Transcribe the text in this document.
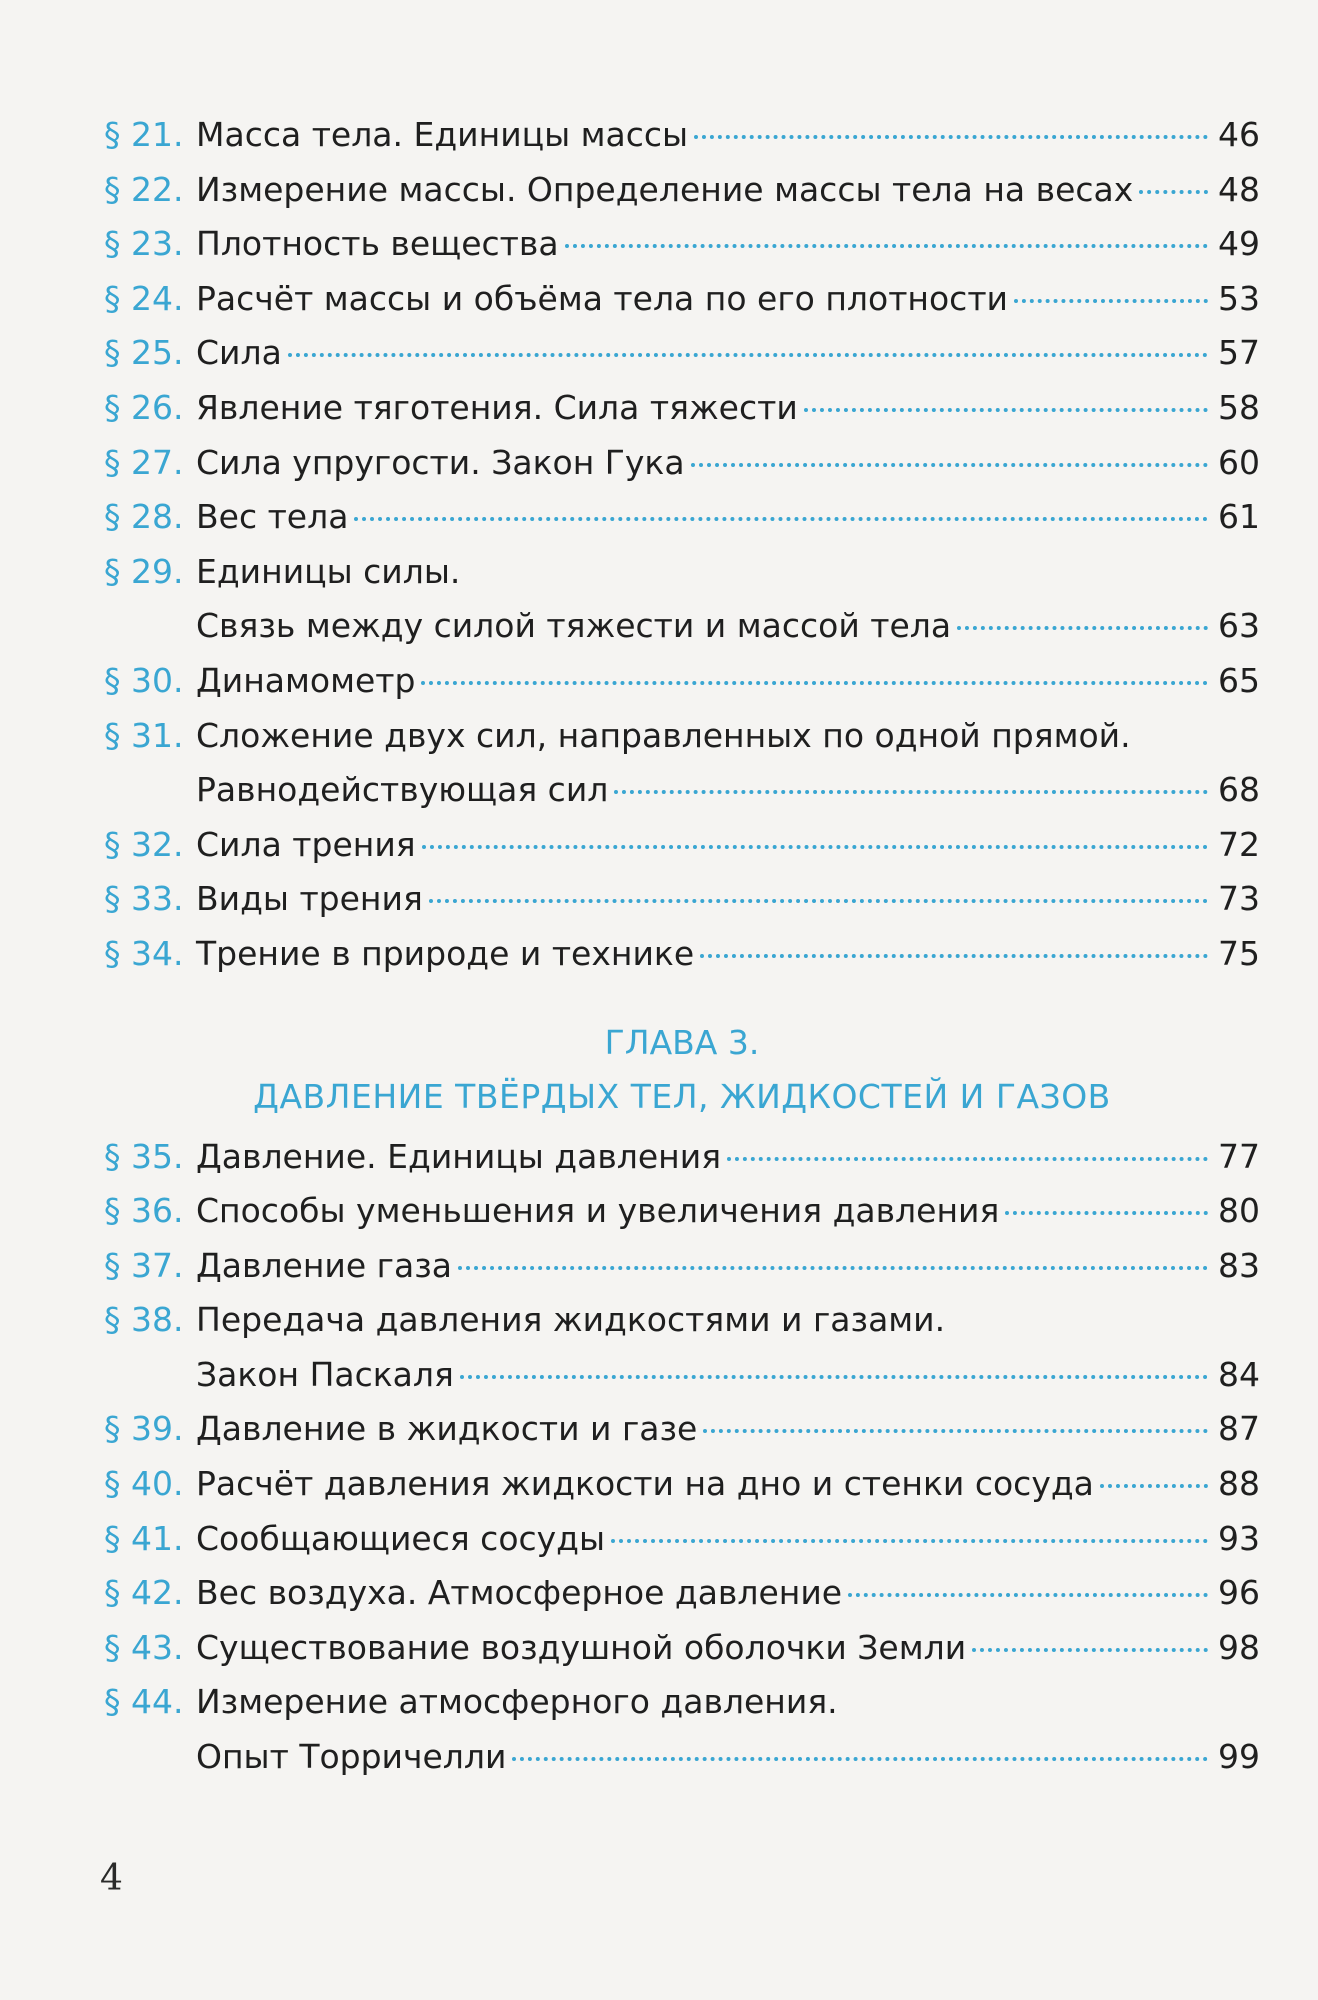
§ 21. Масса тела. Единицы массы	46
§ 22. Измерение массы. Определение массы тела на весах	48
§ 23. Плотность вещества	49
§ 24. Расчёт массы и объёма тела по его плотности	53
§ 25. Сила	57
§ 26. Явление тяготения. Сила тяжести	58
§ 27. Сила упругости. Закон Гука	60
§ 28. Вес тела	61
§ 29. Единицы силы.
Связь между силой тяжести и массой тела	63
§ 30. Динамометр	65
§ 31. Сложение двух сил, направленных по одной прямой.
Равнодействующая сил	68
§ 32. Сила трения	72
§ 33. Виды трения	73
§ 34. Трение в природе и технике	75
ГЛАВА 3.
ДАВЛЕНИЕ ТВЁРДЫХ ТЕЛ, ЖИДКОСТЕЙ И ГАЗОВ
§ 35. Давление. Единицы давления	77
§ 36. Способы уменьшения и увеличения давления	80
§ 37. Давление газа	83
§ 38. Передача давления жидкостями и газами.
Закон Паскаля	84
§ 39. Давление в жидкости и газе	87
§ 40. Расчёт давления жидкости на дно и стенки сосуда	88
§ 41. Сообщающиеся сосуды	93
§ 42. Вес воздуха. Атмосферное давление	96
§ 43. Существование воздушной оболочки Земли	98
§ 44. Измерение атмосферного давления.
Опыт Торричелли	99
4
